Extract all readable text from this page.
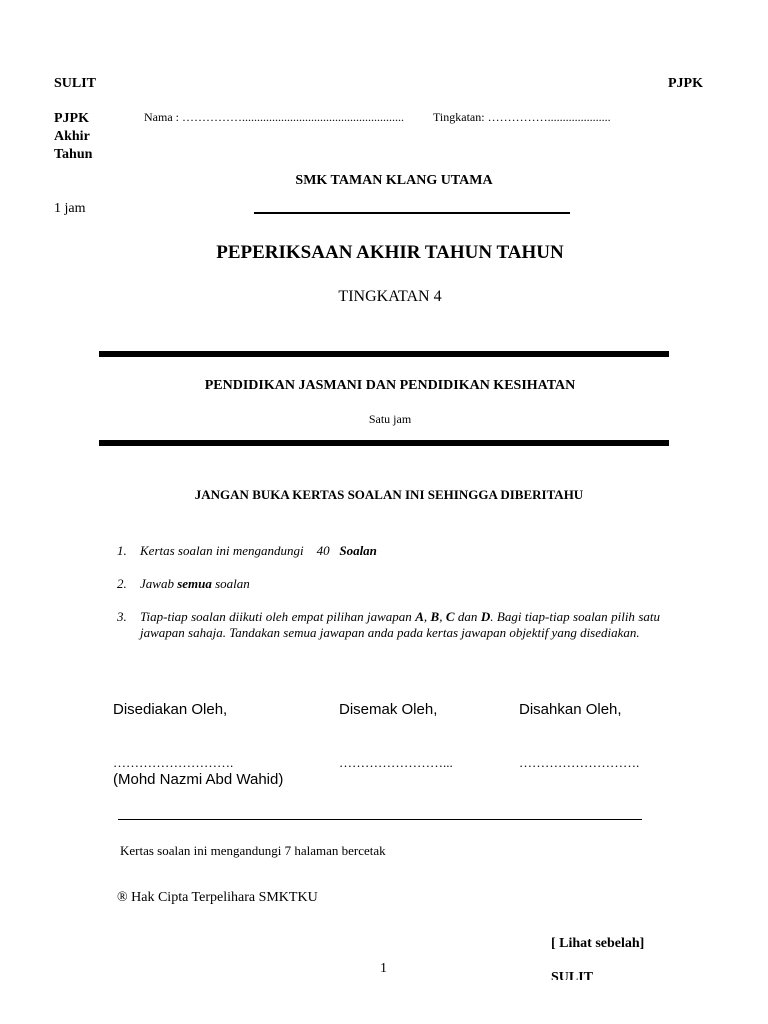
SULIT	PJPK
PJPK
Akhir
Tahun
1 jam
Nama : ……………...................................................... Tingkatan: …………….....................
SMK TAMAN KLANG UTAMA
PEPERIKSAAN AKHIR TAHUN TAHUN
TINGKATAN 4
PENDIDIKAN JASMANI DAN PENDIDIKAN KESIHATAN
Satu jam
JANGAN BUKA KERTAS SOALAN INI SEHINGGA DIBERITAHU
1. Kertas soalan ini mengandungi    40   Soalan
2. Jawab semua soalan
3. Tiap-tiap soalan diikuti oleh empat pilihan jawapan A, B, C dan D. Bagi tiap-tiap soalan pilih satu jawapan sahaja. Tandakan semua jawapan anda pada kertas jawapan objektif yang disediakan.
Disediakan Oleh,	Disemak Oleh,	Disahkan Oleh,
……………………….	……………………...	……………………….
(Mohd Nazmi Abd Wahid)
Kertas soalan ini mengandungi 7 halaman bercetak
® Hak Cipta Terpelihara SMKTKU
[ Lihat sebelah]
1
SULIT
